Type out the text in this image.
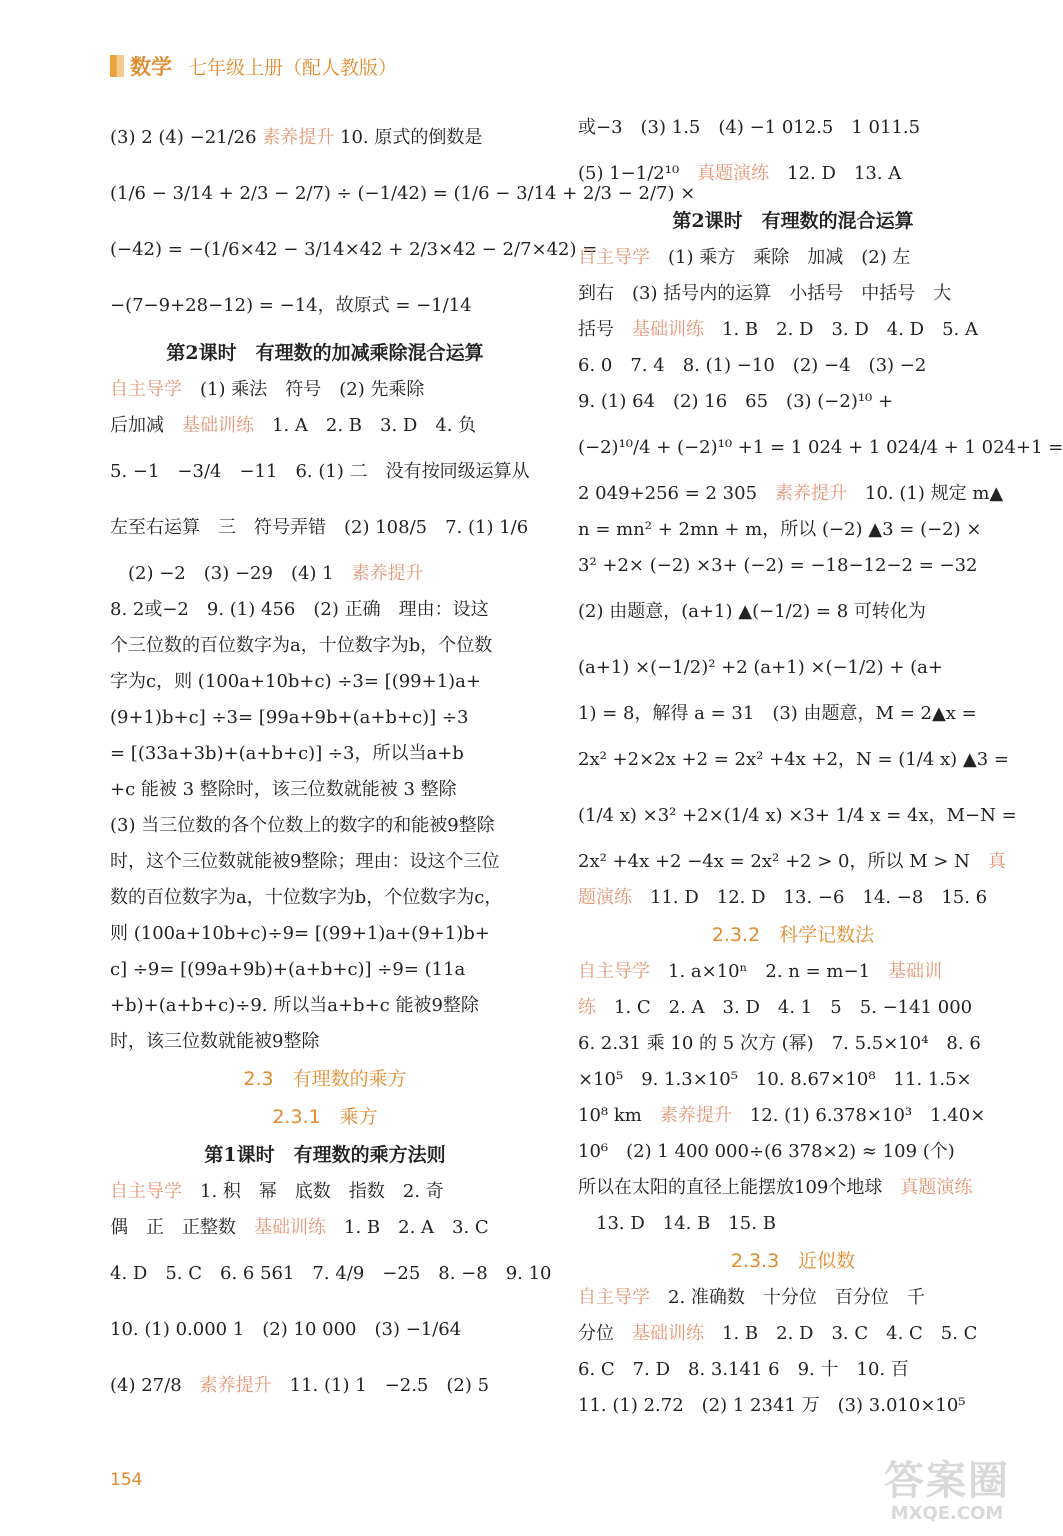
数学 七年级上册（配人教版）
(3) 2 (4) −21/26 素养提升 10. 原式的倒数是
(1/6 − 3/14 + 2/3 − 2/7) ÷ (−1/42) = (1/6 − 3/14 + 2/3 − 2/7) ×
(−42) = −(1/6×42 − 3/14×42 + 2/3×42 − 2/7×42) =
−(7−9+28−12) = −14，故原式 = −1/14
第2课时　有理数的加减乘除混合运算
自主导学　(1) 乘法　符号　(2) 先乘除
后加减　基础训练　1. A　2. B　3. D　4. 负
5. −1　−3/4　−11　6. (1) 二　没有按同级运算从
左至右运算　三　符号弄错　(2) 108/5　7. (1) 1/6
　(2) −2　(3) −29　(4) 1　素养提升
8. 2或−2　9. (1) 456　(2) 正确　理由：设这
个三位数的百位数字为a，十位数字为b，个位数
字为c，则 (100a+10b+c) ÷3= [(99+1)a+
(9+1)b+c] ÷3= [99a+9b+(a+b+c)] ÷3
= [(33a+3b)+(a+b+c)] ÷3，所以当a+b
+c 能被 3 整除时，该三位数就能被 3 整除
(3) 当三位数的各个位数上的数字的和能被9整除
时，这个三位数就能被9整除；理由：设这个三位
数的百位数字为a，十位数字为b，个位数字为c，
则 (100a+10b+c)÷9= [(99+1)a+(9+1)b+
c] ÷9= [(99a+9b)+(a+b+c)] ÷9= (11a
+b)+(a+b+c)÷9. 所以当a+b+c 能被9整除
时，该三位数就能被9整除
2.3　有理数的乘方
2.3.1　乘方
第1课时　有理数的乘方法则
自主导学　1. 积　幂　底数　指数　2. 奇
偶　正　正整数　基础训练　1. B　2. A　3. C
4. D　5. C　6. 6 561　7. 4/9　−25　8. −8　9. 10
10. (1) 0.000 1　(2) 10 000　(3) −1/64
(4) 27/8　素养提升　11. (1) 1　−2.5　(2) 5
或−3　(3) 1.5　(4) −1 012.5　1 011.5
(5) 1−1/2¹⁰　真题演练　12. D　13. A
第2课时　有理数的混合运算
自主导学　(1) 乘方　乘除　加减　(2) 左
到右　(3) 括号内的运算　小括号　中括号　大
括号　基础训练　1. B　2. D　3. D　4. D　5. A
6. 0　7. 4　8. (1) −10　(2) −4　(3) −2
9. (1) 64　(2) 16　65　(3) (−2)¹⁰ +
(−2)¹⁰/4 + (−2)¹⁰ +1 = 1 024 + 1 024/4 + 1 024+1 =
2 049+256 = 2 305　素养提升　10. (1) 规定 m▲
n = mn² + 2mn + m，所以 (−2) ▲3 = (−2) ×
3² +2× (−2) ×3+ (−2) = −18−12−2 = −32
(2) 由题意，(a+1) ▲(−1/2) = 8 可转化为
(a+1) ×(−1/2)² +2 (a+1) ×(−1/2) + (a+
1) = 8，解得 a = 31　(3) 由题意，M = 2▲x =
2x² +2×2x +2 = 2x² +4x +2，N = (1/4 x) ▲3 =
(1/4 x) ×3² +2×(1/4 x) ×3+ 1/4 x = 4x，M−N =
2x² +4x +2 −4x = 2x² +2 > 0，所以 M > N　真
题演练　11. D　12. D　13. −6　14. −8　15. 6
2.3.2　科学记数法
自主导学　1. a×10ⁿ　2. n = m−1　基础训
练　1. C　2. A　3. D　4. 1　5　5. −141 000
6. 2.31 乘 10 的 5 次方 (幂)　7. 5.5×10⁴　8. 6
×10⁵　9. 1.3×10⁵　10. 8.67×10⁸　11. 1.5×
10⁸ km　素养提升　12. (1) 6.378×10³　1.40×
10⁶　(2) 1 400 000÷(6 378×2) ≈ 109 (个)
所以在太阳的直径上能摆放109个地球　真题演练
　13. D　14. B　15. B
2.3.3　近似数
自主导学　2. 准确数　十分位　百分位　千
分位　基础训练　1. B　2. D　3. C　4. C　5. C
6. C　7. D　8. 3.141 6　9. 十　10. 百
11. (1) 2.72　(2) 1 2341 万　(3) 3.010×10⁵
154	答案圈
MXQE.COM
